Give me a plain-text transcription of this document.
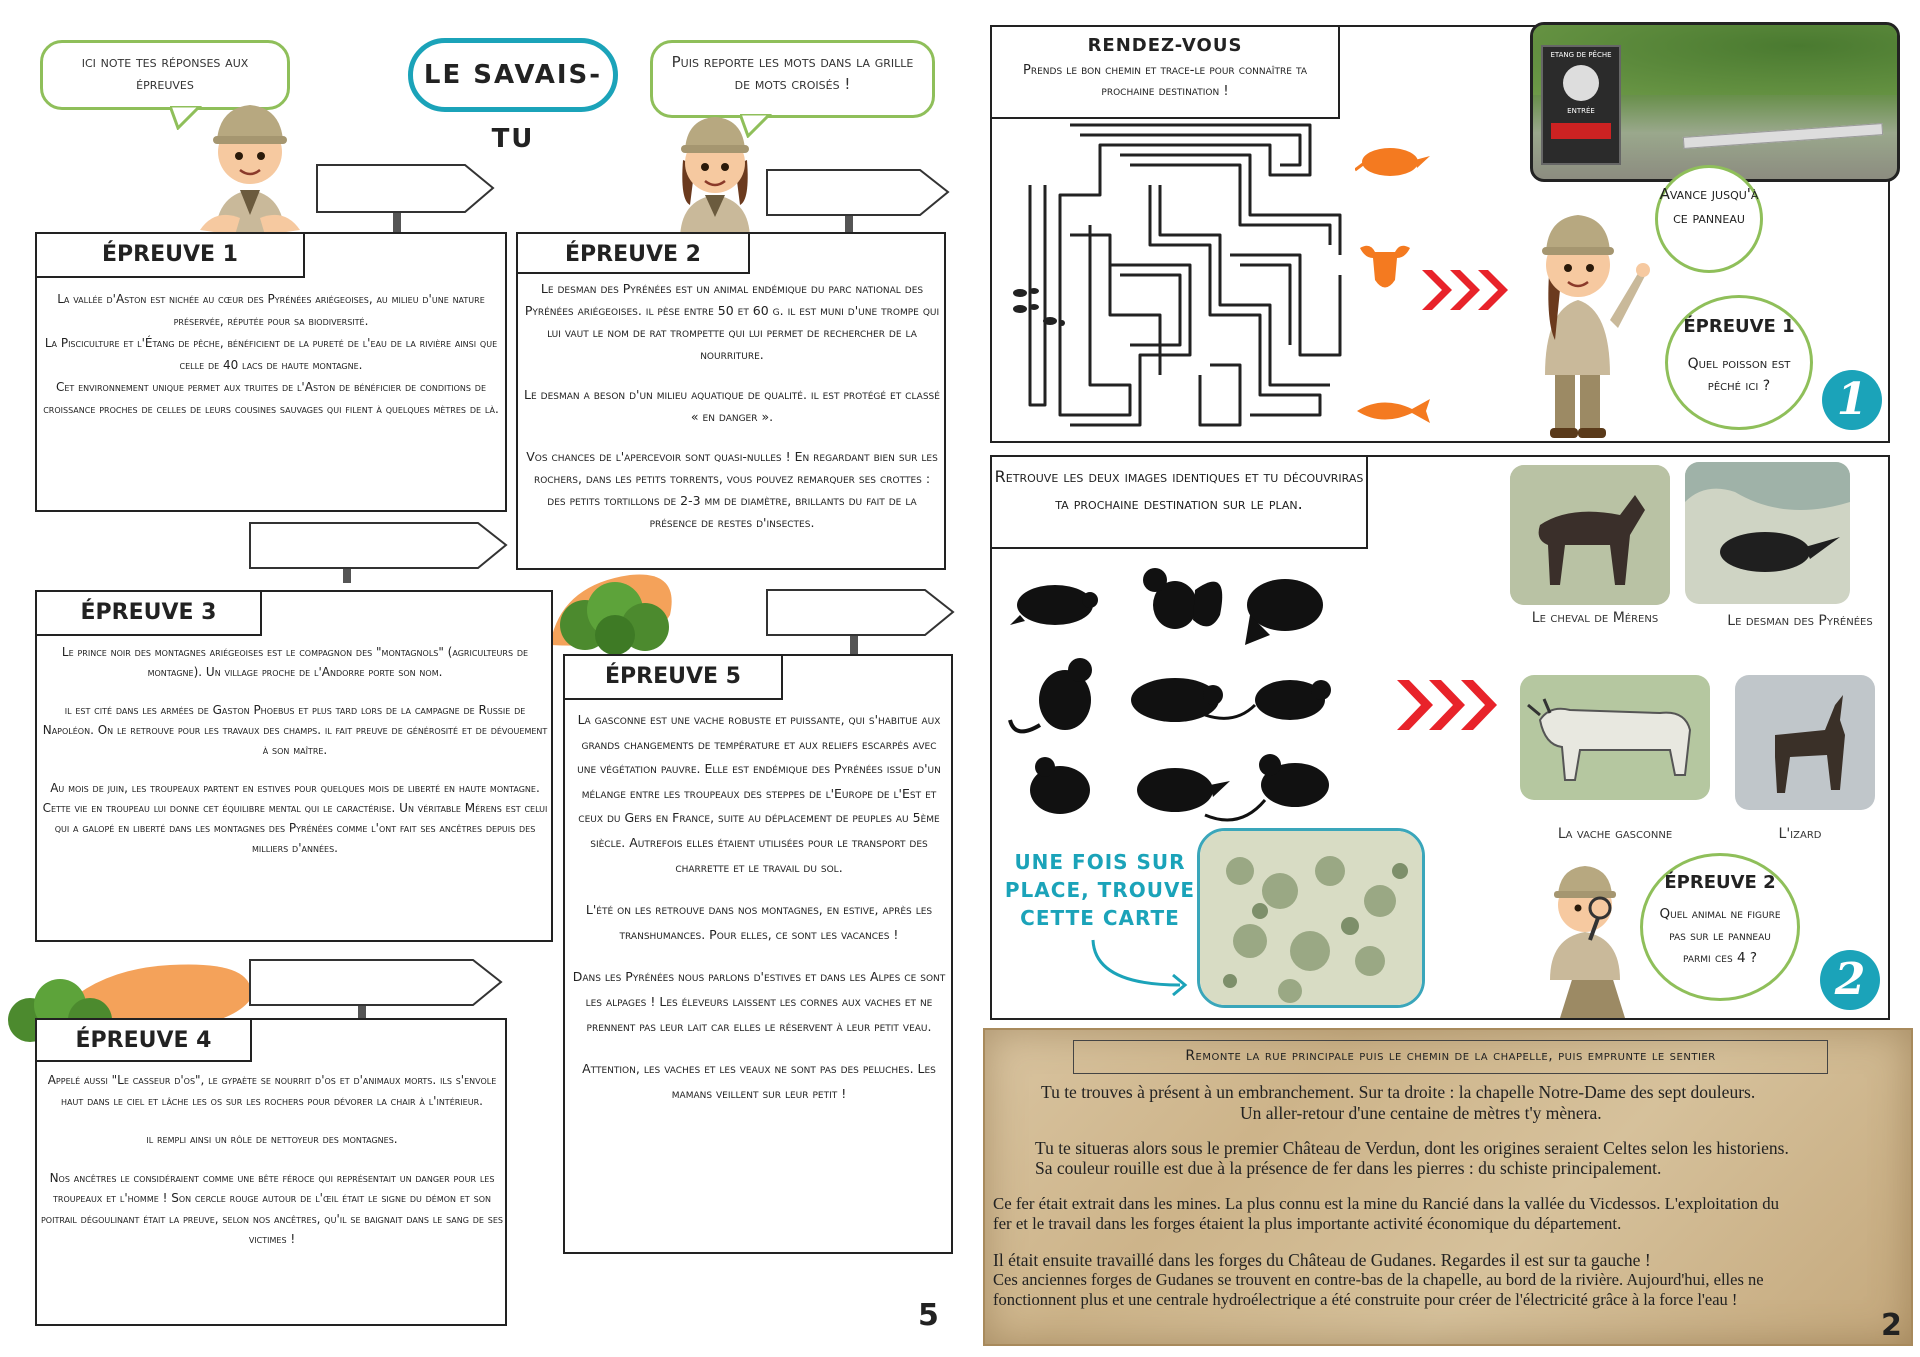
ici note tes réponses aux épreuves	LE SAVAIS-TU
Puis reporte les mots dans la grille de mots croisés !
ÉPREUVE 1
La vallée d'Aston est nichée au cœur des Pyrénées ariégeoises, au milieu d'une nature préservée, réputée pour sa biodiversité.
La Pisciculture et l'Étang de pêche, bénéficient de la pureté de l'eau de la rivière ainsi que celle de 40 lacs de haute montagne.
Cet environnement unique permet aux truites de l'Aston de bénéficier de conditions de croissance proches de celles de leurs cousines sauvages qui filent à quelques mètres de là.
ÉPREUVE 2

Le desman des Pyrénées est un animal endémique du parc national des Pyrénées ariégeoises. il pèse entre 50 et 60 g. il est muni d'une trompe qui lui vaut le nom de rat trompette qui lui permet de rechercher de la nourriture.

Le desman a beson d'un milieu aquatique de qualité. il est protégé et classé « en danger ».

Vos chances de l'apercevoir sont quasi-nulles ! En regardant bien sur les rochers, dans les petits torrents, vous pouvez remarquer ses crottes : des petits tortillons de 2-3 mm de diamètre, brillants du fait de la présence de restes d'insectes.

ÉPREUVE 3

Le prince noir des montagnes ariégeoises est le compagnon des "montagnols" (agriculteurs de montagne). Un village proche de l'Andorre porte son nom.

il est cité dans les armées de Gaston Phoebus et plus tard lors de la campagne de Russie de Napoléon. On le retrouve pour les travaux des champs. il fait preuve de générosité et de dévouement à son maître.

Au mois de juin, les troupeaux partent en estives pour quelques mois de liberté en haute montagne. Cette vie en troupeau lui donne cet équilibre mental qui le caractérise. Un véritable Mérens est celui qui a galopé en liberté dans les montagnes des Pyrénées comme l'ont fait ses ancêtres depuis des milliers d'années.

ÉPREUVE 5

La gasconne est une vache robuste et puissante, qui s'habitue aux grands changements de température et aux reliefs escarpés avec une végétation pauvre. Elle est endémique des Pyrénées issue d'un mélange entre les troupeaux des steppes de l'Europe de l'Est et ceux du Gers en France, suite au déplacement de peuples au 5ème siècle. Autrefois elles étaient utilisées pour le transport des charrette et le travail du sol.

L'été on les retrouve dans nos montagnes, en estive, après les transhumances. Pour elles, ce sont les vacances !

Dans les Pyrénées nous parlons d'estives et dans les Alpes ce sont les alpages ! Les éleveurs laissent les cornes aux vaches et ne prennent pas leur lait car elles le réservent à leur petit veau.

Attention, les vaches et les veaux ne sont pas des peluches. Les mamans veillent sur leur petit !

ÉPREUVE 4

Appelé aussi "Le casseur d'os", le gypaète se nourrit d'os et d'animaux morts. ils s'envole haut dans le ciel et lâche les os sur les rochers pour dévorer la chair à l'intérieur.

il rempli ainsi un rôle de nettoyeur des montagnes.

Nos ancêtres le considéraient comme une bête féroce qui représentait un danger pour les troupeaux et l'homme ! Son cercle rouge autour de l'œil était le signe du démon et son poitrail dégoulinant était la preuve, selon nos ancêtres, qu'il se baignait dans le sang de ses victimes !

5
RENDEZ-VOUS
Prends le bon chemin et trace-le pour connaître ta prochaine destination !
ETANG DE PÊCHE
ENTRÉE
Avance jusqu'à ce panneau
ÉPREUVE 1
Quel poisson est pêché ici ?	1
Retrouve les deux images identiques et tu découvriras ta prochaine destination sur le plan.
Le cheval de Mérens	Le desman des Pyrénées
La vache gasconne	L'izard
UNE FOIS SUR PLACE, TROUVE CETTE CARTE
ÉPREUVE 2
Quel animal ne figure pas sur le panneau parmi ces 4 ?	2
Remonte la rue principale puis le chemin de la chapelle, puis emprunte le sentier
Tu te trouves à présent à un embranchement. Sur ta droite : la chapelle Notre-Dame des sept douleurs.
Un aller-retour d'une centaine de mètres t'y mènera.
Tu te situeras alors sous le premier Château de Verdun, dont les origines seraient Celtes selon les historiens.
Sa couleur rouille est due à la présence de fer dans les pierres : du schiste principalement.
Ce fer était extrait dans les mines. La plus connu est la mine du Rancié dans la vallée du Vicdessos. L'exploitation du
fer et le travail dans les forges étaient la plus importante activité économique du département.
Il était ensuite travaillé dans les forges du Château de Gudanes. Regardes il est sur ta gauche !
Ces anciennes forges de Gudanes se trouvent en contre-bas de la chapelle, au bord de la rivière. Aujourd'hui, elles ne
fonctionnent plus et une centrale hydroélectrique a été construite pour créer de l'électricité grâce à la force l'eau !
2
